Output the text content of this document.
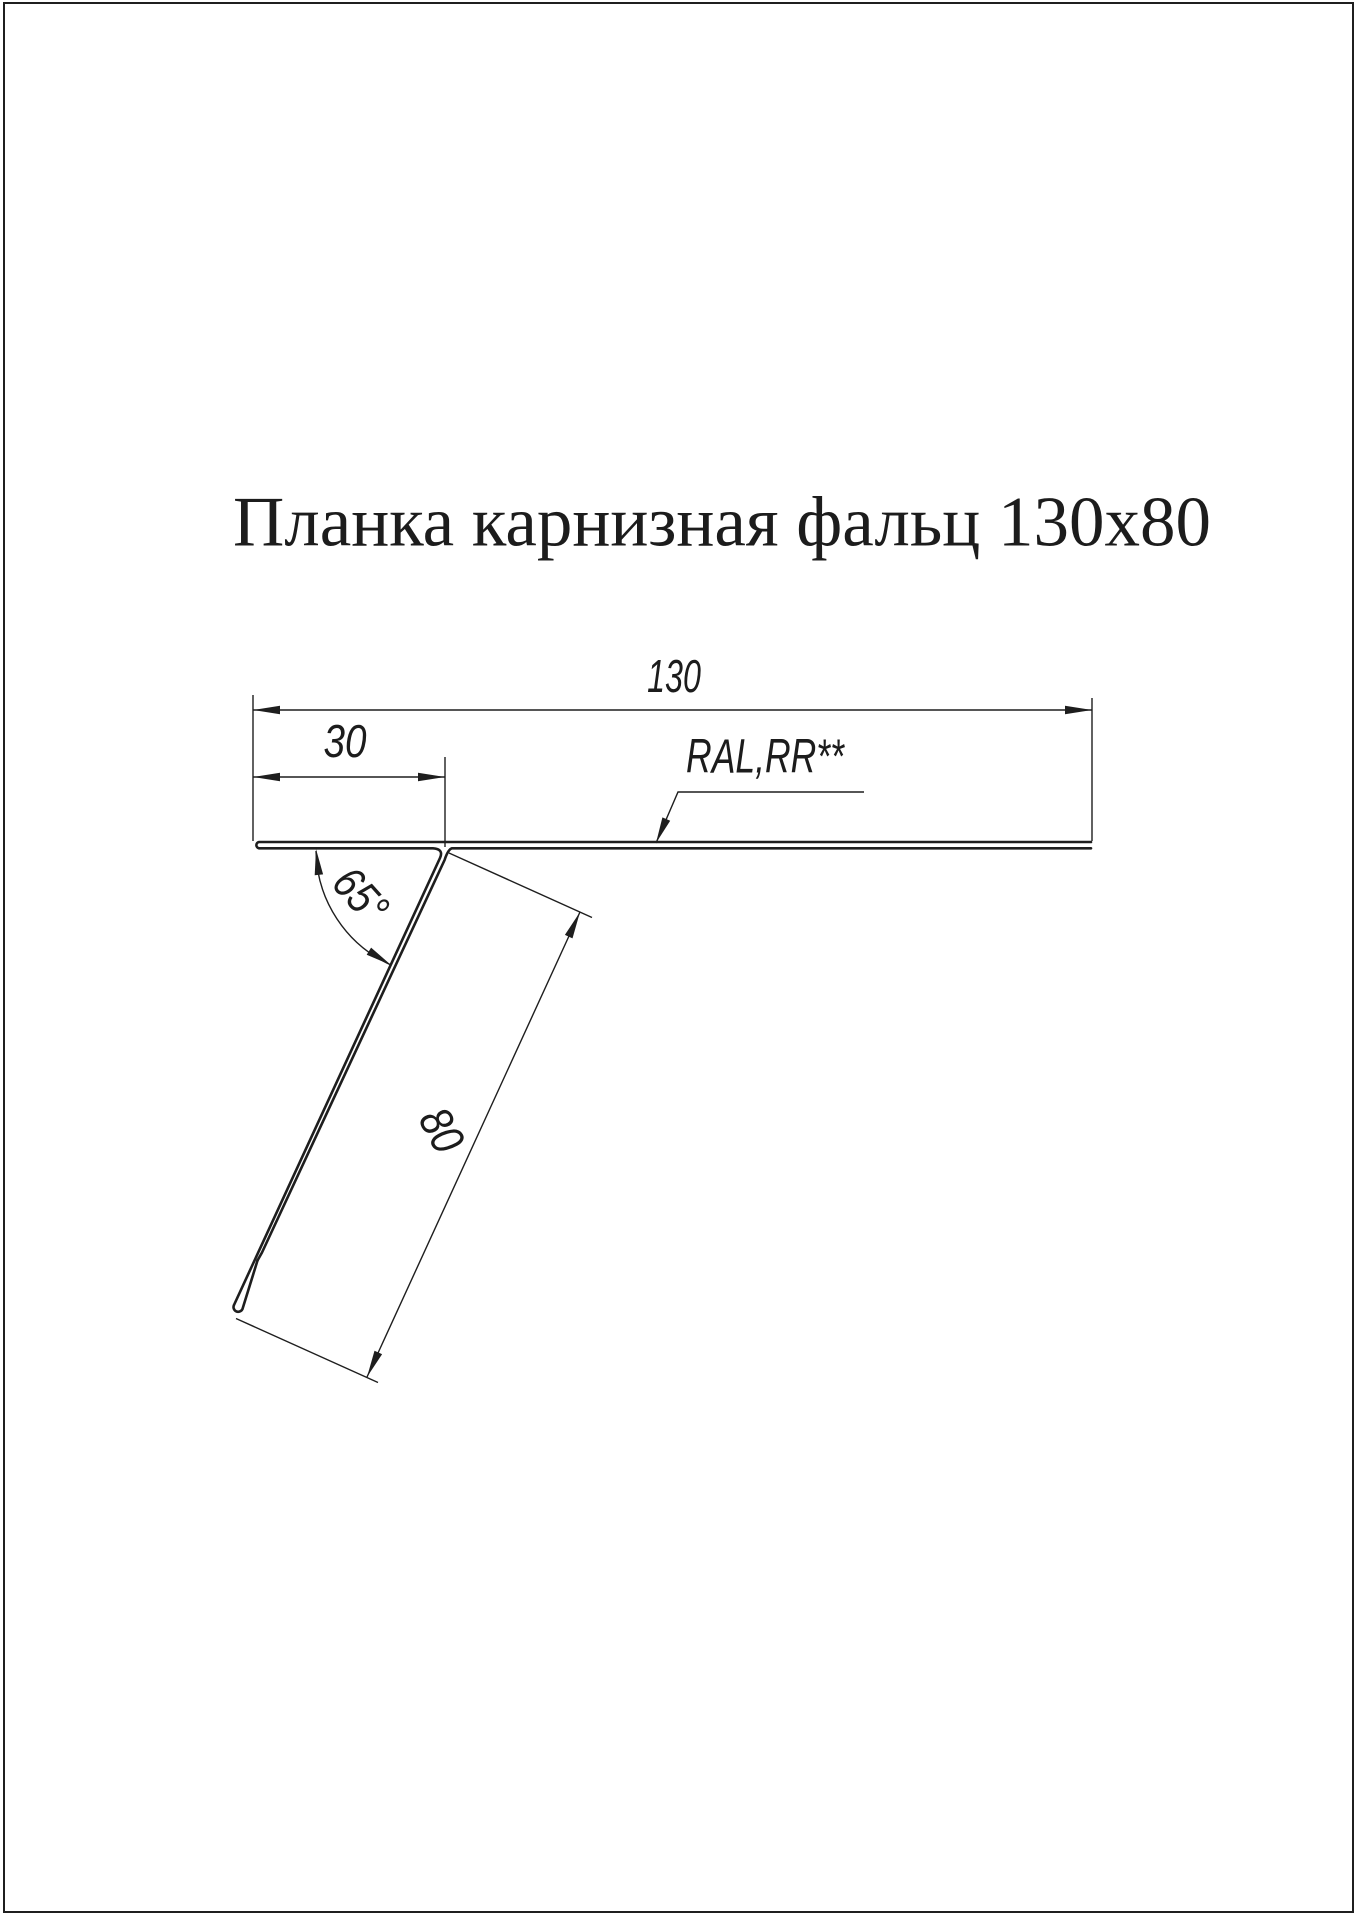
Планка карнизная фальц 130x80
130
30
65°
80
RAL,RR**
